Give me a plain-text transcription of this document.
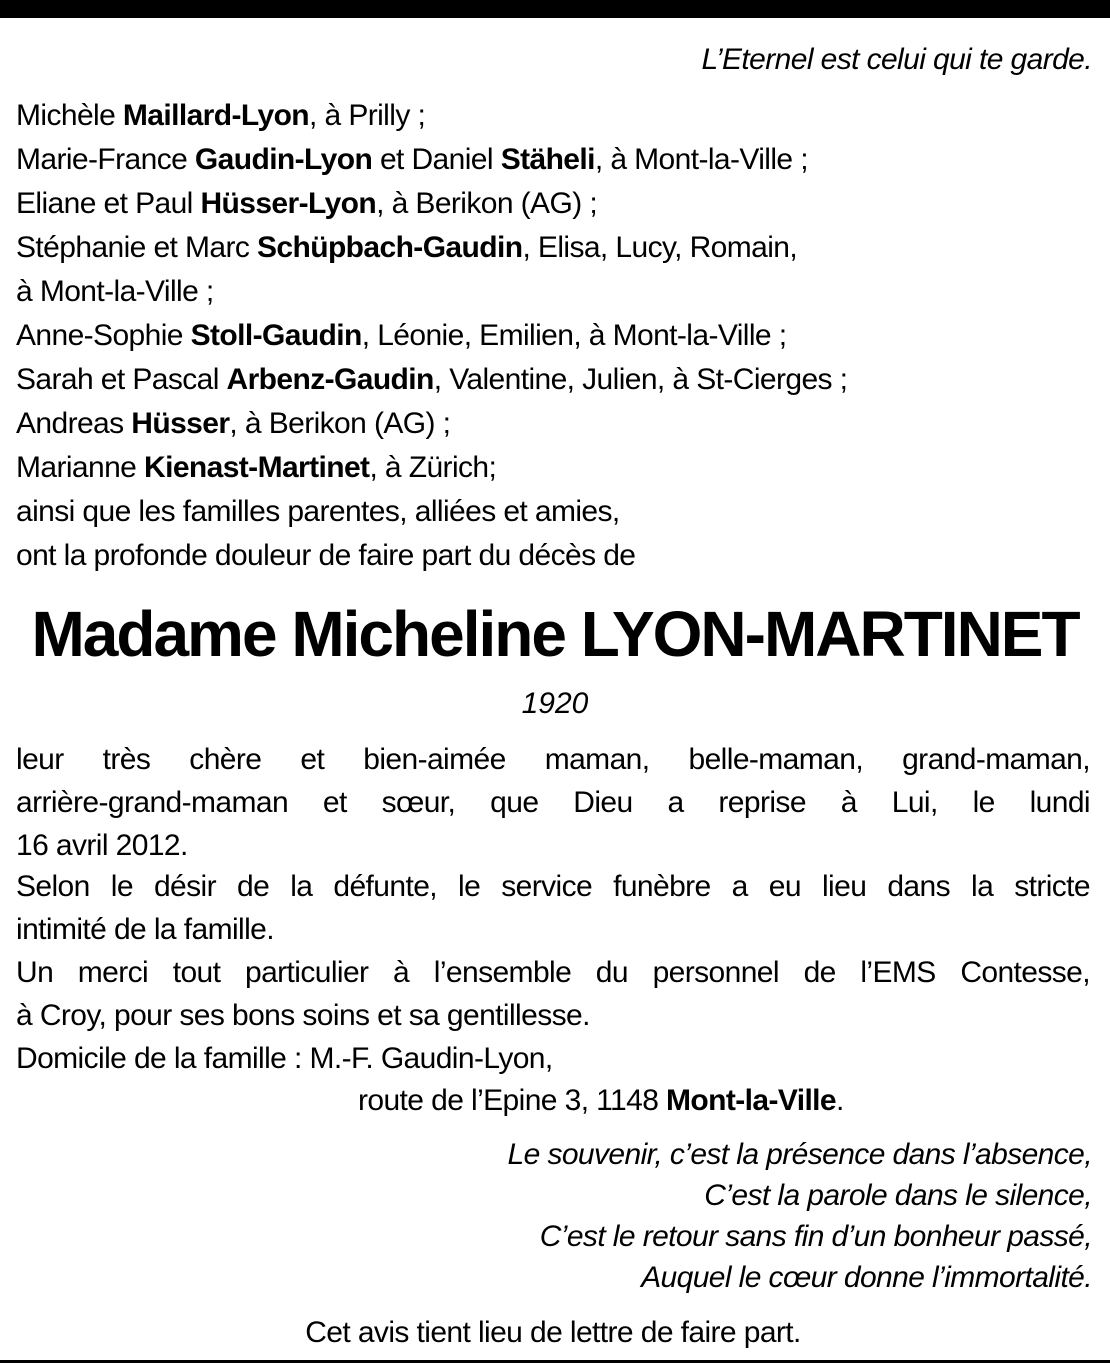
L’Eternel est celui qui te garde.
Michèle Maillard-Lyon, à Prilly ;
Marie-France Gaudin-Lyon et Daniel Stäheli, à Mont-la-Ville ;
Eliane et Paul Hüsser-Lyon, à Berikon (AG) ;
Stéphanie et Marc Schüpbach-Gaudin, Elisa, Lucy, Romain,
à Mont-la-Ville ;
Anne-Sophie Stoll-Gaudin, Léonie, Emilien, à Mont-la-Ville ;
Sarah et Pascal Arbenz-Gaudin, Valentine, Julien, à St-Cierges ;
Andreas Hüsser, à Berikon (AG) ;
Marianne Kienast-Martinet, à Zürich;
ainsi que les familles parentes, alliées et amies,
ont la profonde douleur de faire part du décès de
Madame Micheline LYON-MARTINET
1920
leur très chère et bien-aimée maman, belle-maman, grand-maman,
arrière-grand-maman et sœur, que Dieu a reprise à Lui, le lundi
16 avril 2012.
Selon le désir de la défunte, le service funèbre a eu lieu dans la stricte
intimité de la famille.
Un merci tout particulier à l’ensemble du personnel de l’EMS Contesse,
à Croy, pour ses bons soins et sa gentillesse.
Domicile de la famille : M.-F. Gaudin-Lyon,
route de l’Epine 3, 1148 Mont-la-Ville.
Le souvenir, c’est la présence dans l’absence,
C’est la parole dans le silence,
C’est le retour sans fin d’un bonheur passé,
Auquel le cœur donne l’immortalité.
Cet avis tient lieu de lettre de faire part.
